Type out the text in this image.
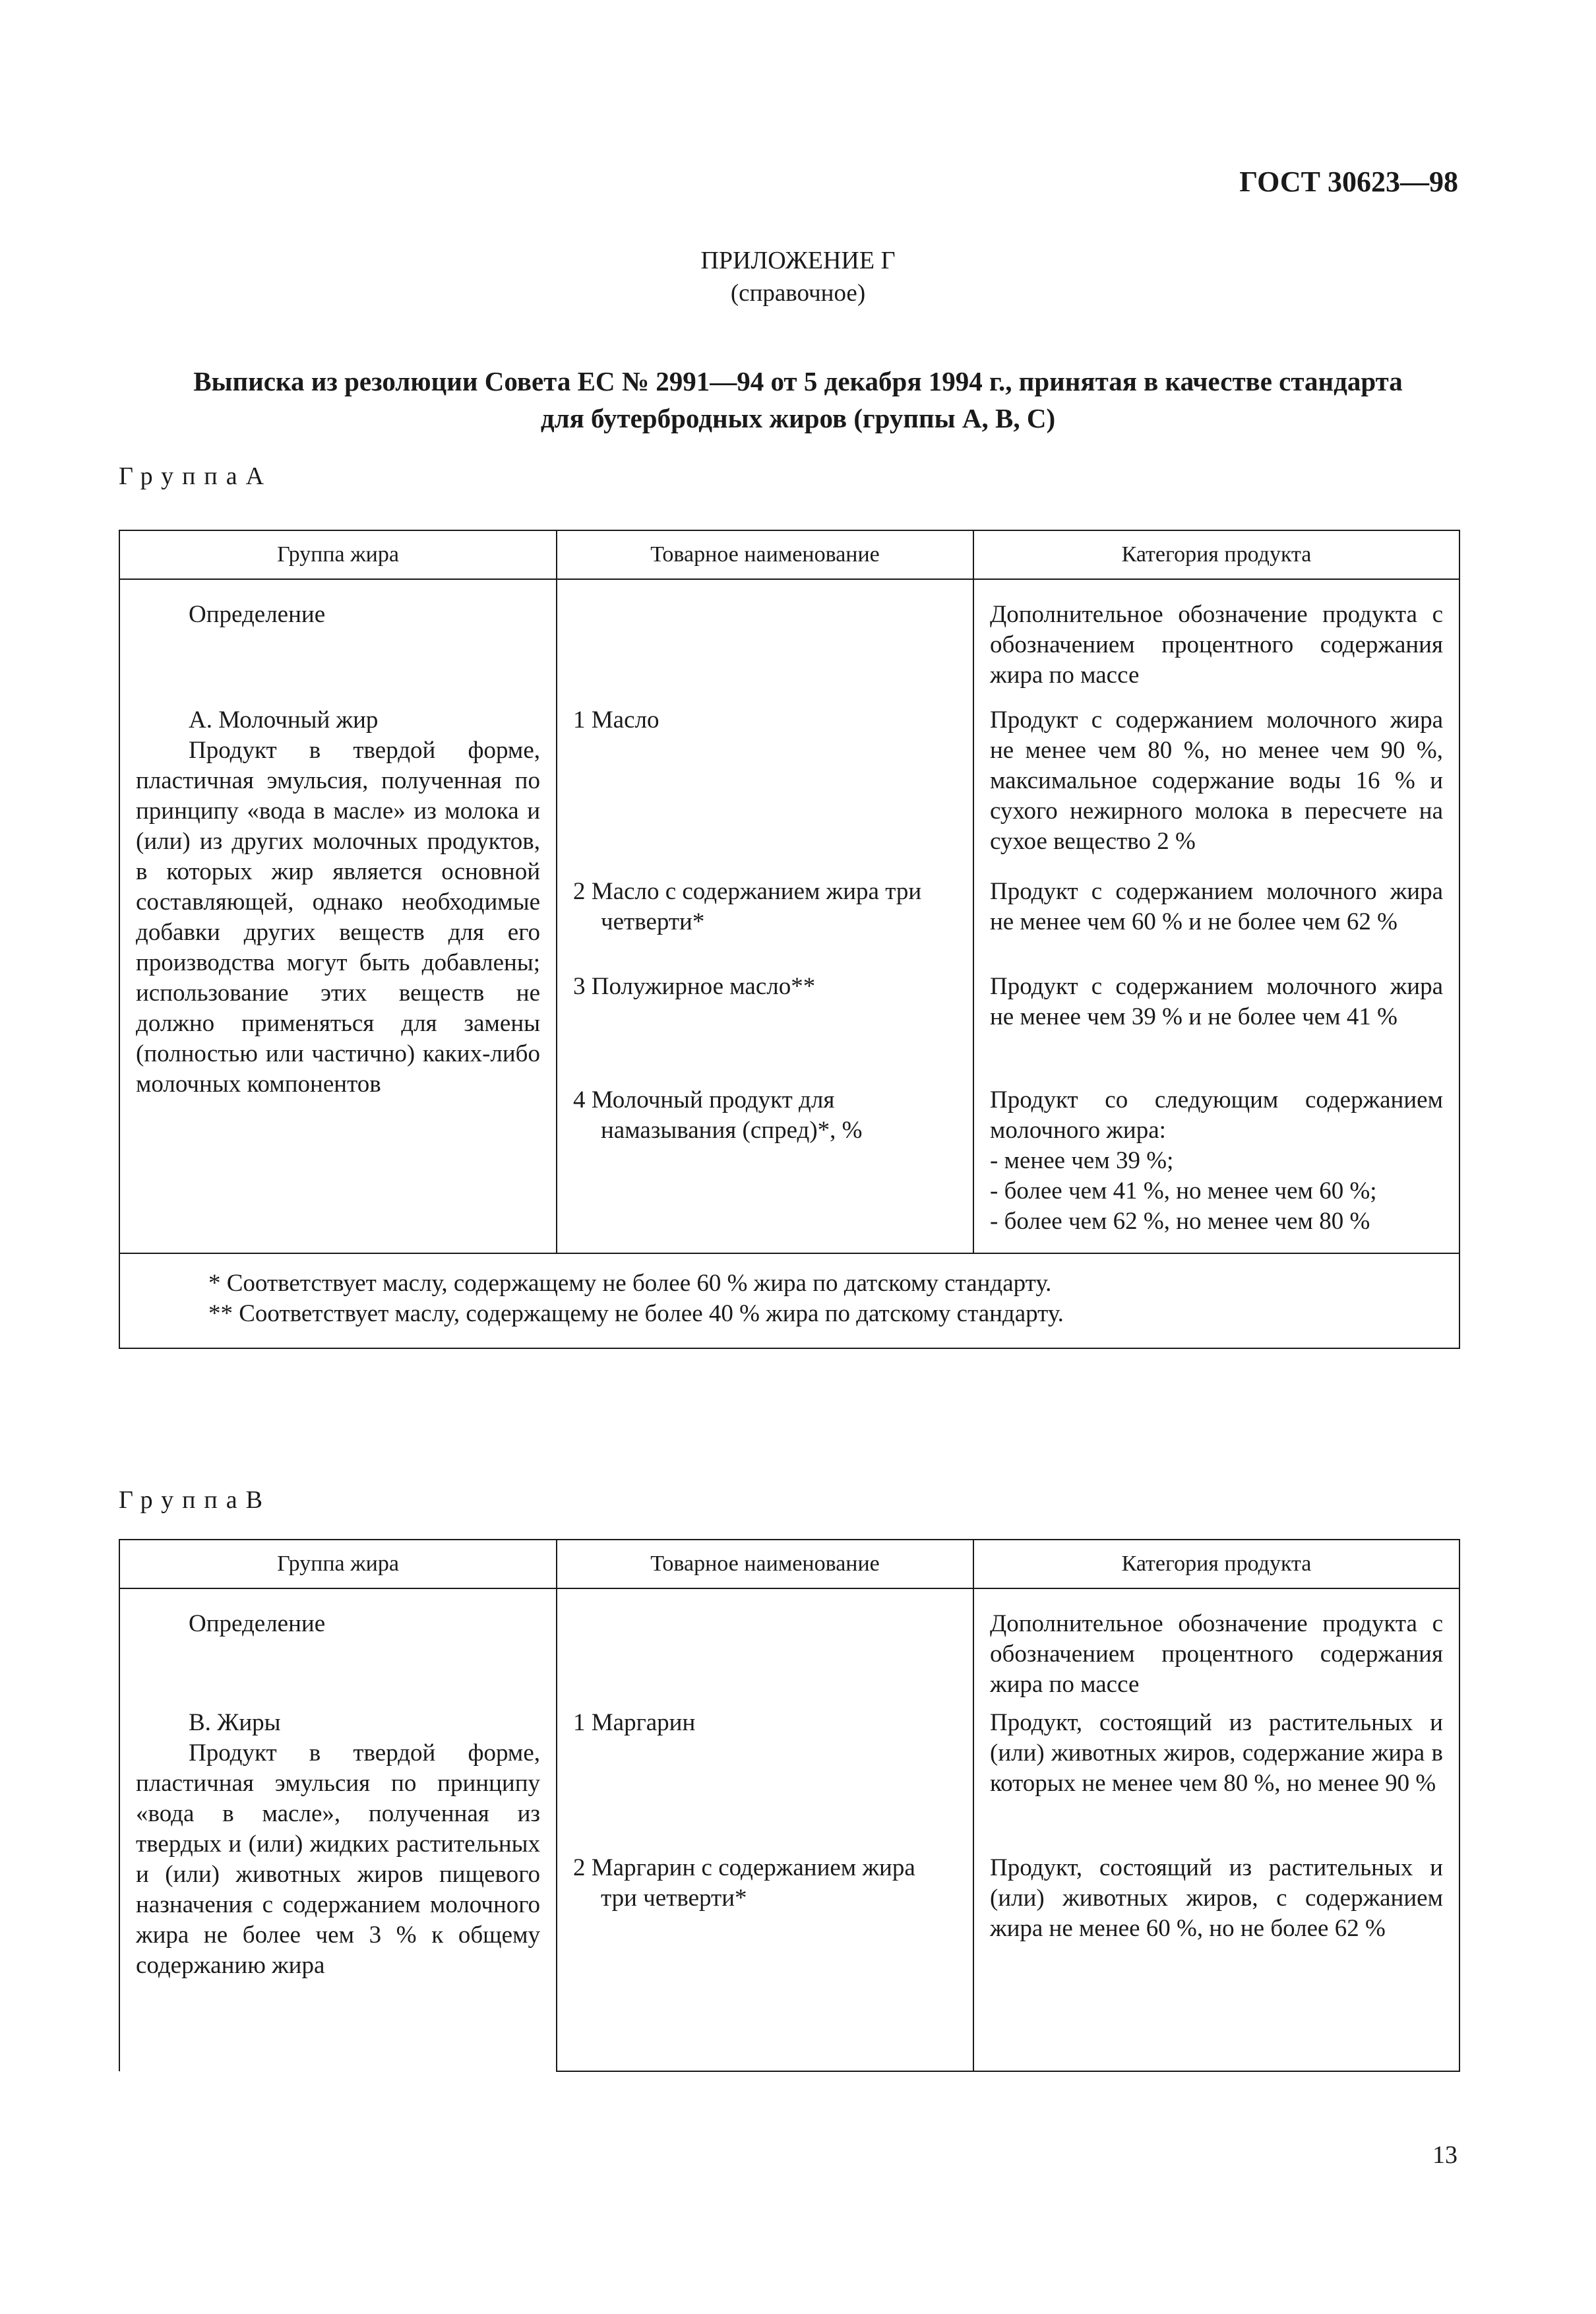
ГОСТ 30623—98
ПРИЛОЖЕНИЕ Г
(справочное)
Выписка из резолюции Совета ЕС № 2991—94 от 5 декабря 1994 г., принятая в качестве стандарта
для бутербродных жиров (группы А, В, С)
ГруппаА
Группа жира	Товарное наименование	Категория продукта

Определение		Дополнительное обозначение продукта с обозначением процентного содержания жира по массе

А. Молочный жир
Продукт в твердой форме, пластичная эмульсия, полученная по принципу «вода в масле» из молока и (или) из других молочных продуктов, в которых жир является основной составляющей, однако необходимые добавки других веществ для его производства могут быть добавлены; использование этих веществ не должно применяться для замены (полностью или частично) каких-либо молочных компонентов	1 Масло	Продукт с содержанием молочного жира не менее чем 80 %, но менее чем 90 %, максимальное содержание воды 16 % и сухого нежирного молока в пересчете на сухое вещество 2 %

	2 Масло с содержанием жира три четверти*	Продукт с содержанием молочного жира не менее чем 60 % и не более чем 62 %

	3 Полужирное масло**	Продукт с содержанием молочного жира не менее чем 39 % и не более чем 41 %

	4 Молочный продукт для намазывания (спред)*, %	Продукт со следующим содержанием молочного жира:
- менее чем 39 %;
- более чем 41 %, но менее чем 60 %;
- более чем 62 %, но менее чем 80 %

* Соответствует маслу, содержащему не более 60 % жира по датскому стандарту.
** Соответствует маслу, содержащему не более 40 % жира по датскому стандарту.		
ГруппаВ
Группа жира	Товарное наименование	Категория продукта

Определение		Дополнительное обозначение продукта с обозначением процентного содержания жира по массе

В. Жиры
Продукт в твердой форме, пластичная эмульсия по принципу «вода в масле», полученная из твердых и (или) жидких растительных и (или) животных жиров пищевого назначения с содержанием молочного жира не более чем 3 % к общему содержанию жира	1 Маргарин	Продукт, состоящий из растительных и (или) животных жиров, содержание жира в которых не менее чем 80 %, но менее 90 %

	2 Маргарин с содержанием жира три четверти*	Продукт, состоящий из растительных и (или) животных жиров, с содержанием жира не менее 60 %, но не более 62 %
13
